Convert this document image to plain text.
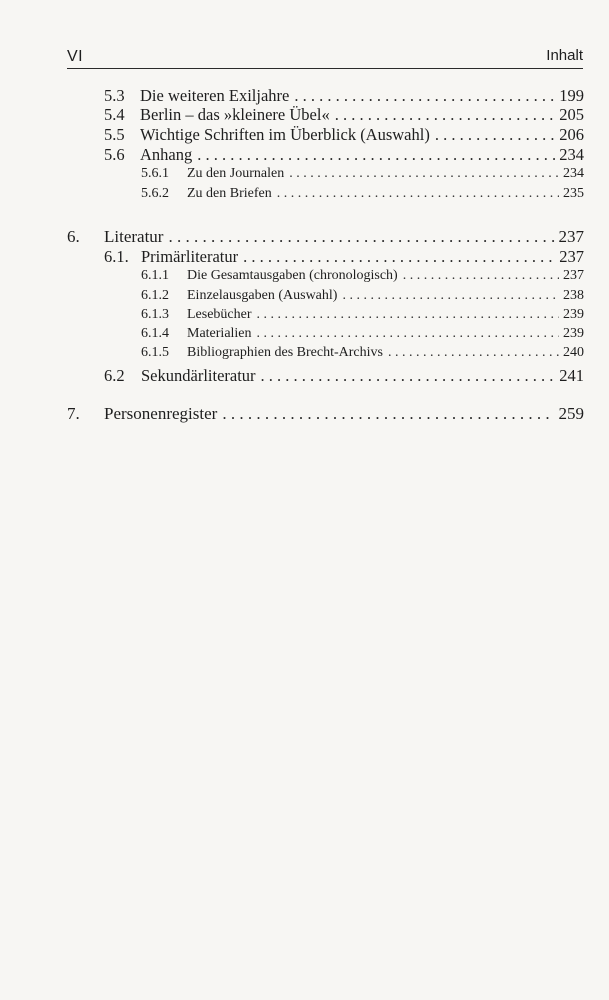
VI	Inhalt
5.3 Die weiteren Exiljahre . . .	199
5.4 Berlin – das »kleinere Übel« . . .	205
5.5 Wichtige Schriften im Überblick (Auswahl) . . .	206
5.6 Anhang . . .	234
5.6.1	Zu den Journalen . . .	234
5.6.2	Zu den Briefen . . .	235
6.	Literatur . . .	237
6.1. Primärliteratur . . .	237
6.1.1	Die Gesamtausgaben (chronologisch) . . .	237
6.1.2	Einzelausgaben (Auswahl) . . .	238
6.1.3	Lesebücher . . .	239
6.1.4	Materialien . . .	239
6.1.5	Bibliographien des Brecht-Archivs . . .	240
6.2 Sekundärliteratur . . .	241
7.	Personenregister . . .	259
